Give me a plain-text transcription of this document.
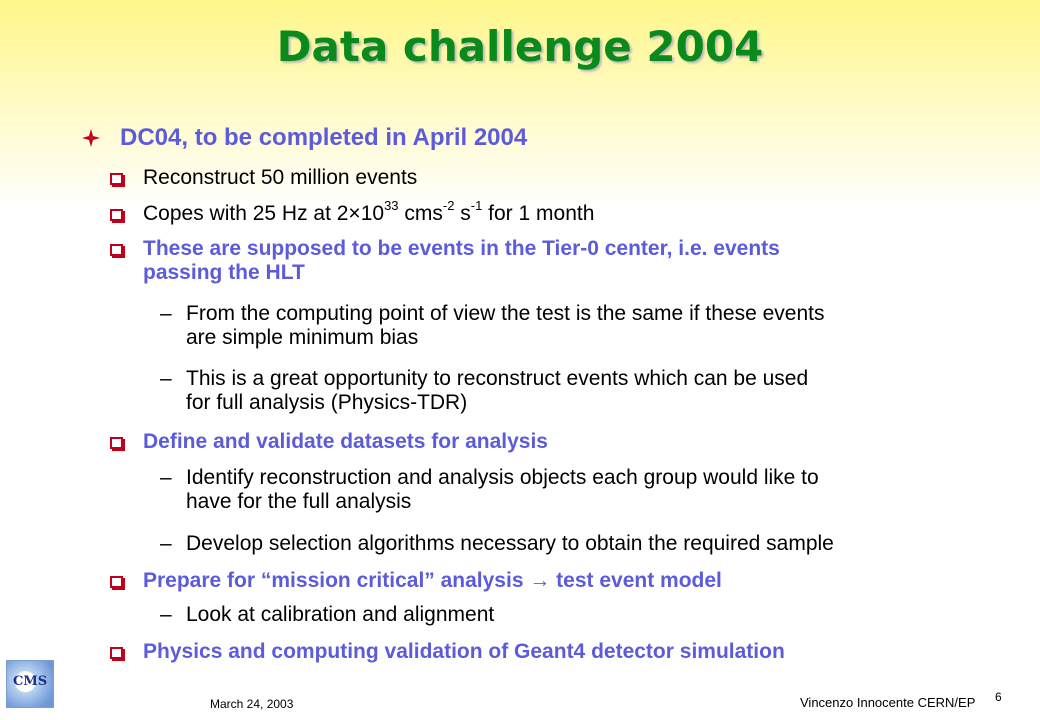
Data challenge 2004
DC04, to be completed in April 2004
Reconstruct 50 million events
Copes with 25 Hz at $2\times 10^{33}$ cms$^{-2}$ $s^{-1}$ for 1 month
These are supposed to be events in the Tier-0 center, i.e. events
passing the HLT
– From the computing point of view the test is the same if these events
are simple minimum bias
– This is a great opportunity to reconstruct events which can be used
for full analysis (Physics-TDR)
Define and validate datasets for analysis
– Identify reconstruction and analysis objects each group would like to
have for the full analysis
– Develop selection algorithms necessary to obtain the required sample
Prepare for “mission critical” analysis → test event model
– Look at calibration and alignment
Physics and computing validation of Geant4 detector simulation
CMS
March 24, 2003	Vincenzo Innocente CERN/EP 6
